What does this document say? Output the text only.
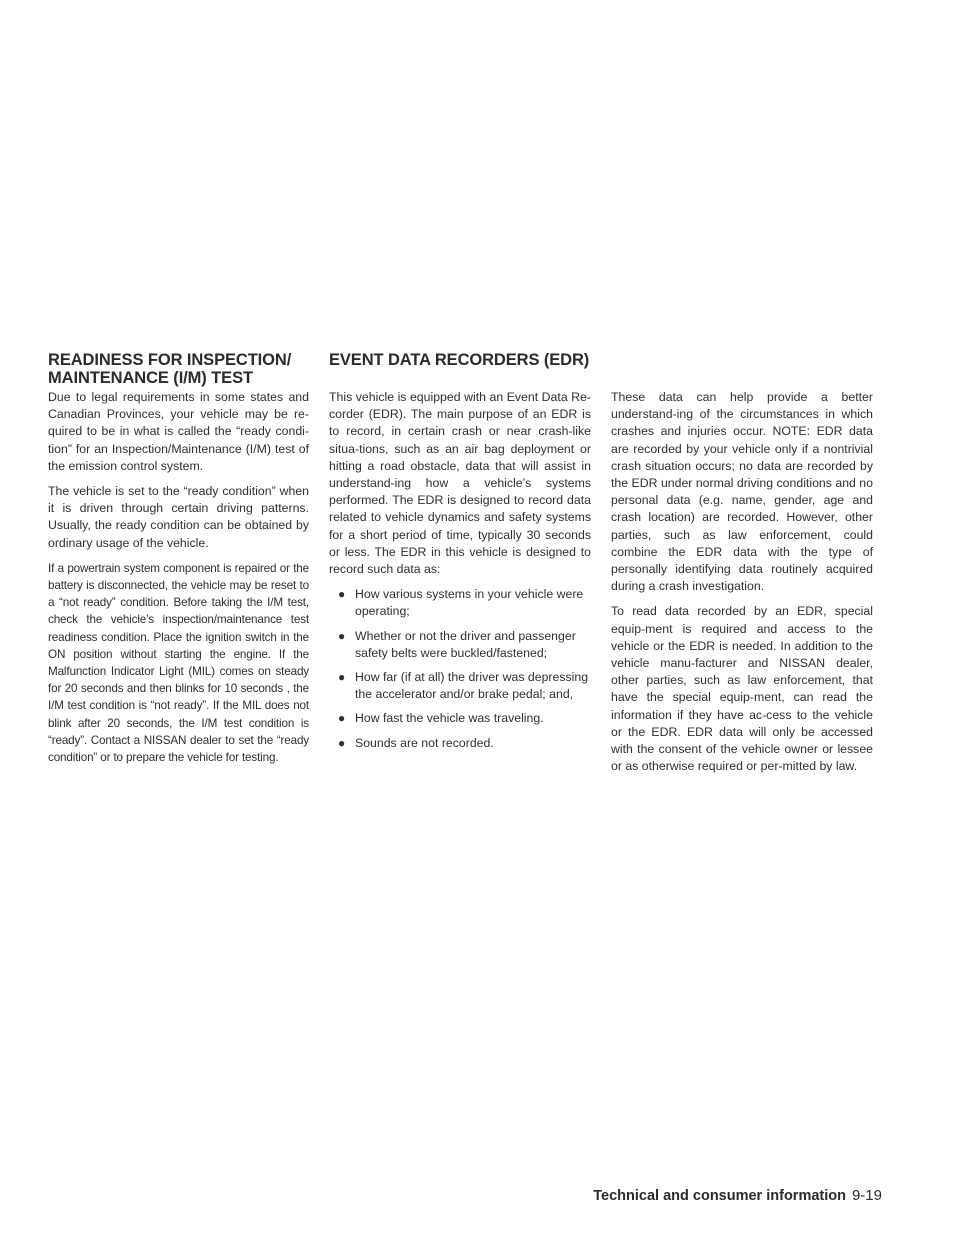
READINESS FOR INSPECTION/
MAINTENANCE (I/M) TEST
EVENT DATA RECORDERS (EDR)

Due to legal requirements in some states and Canadian Provinces, your vehicle may be re-quired to be in what is called the “ready condi-tion” for an Inspection/Maintenance (I/M) test of the emission control system.

The vehicle is set to the “ready condition” when it is driven through certain driving patterns. Usually, the ready condition can be obtained by ordinary usage of the vehicle.

If a powertrain system component is repaired or the battery is disconnected, the vehicle may be reset to a “not ready” condition. Before taking the I/M test, check the vehicle’s inspection/maintenance test readiness condition. Place the ignition switch in the ON position without starting the engine. If the Malfunction Indicator Light (MIL) comes on steady for 20 seconds and then blinks for 10 seconds , the I/M test condition is “not ready”. If the MIL does not blink after 20 seconds, the I/M test condition is “ready”. Contact a NISSAN dealer to set the “ready condition” or to prepare the vehicle for testing.

This vehicle is equipped with an Event Data Re-corder (EDR). The main purpose of an EDR is to record, in certain crash or near crash-like situa-tions, such as an air bag deployment or hitting a road obstacle, data that will assist in understand-ing how a vehicle’s systems performed. The EDR is designed to record data related to vehicle dynamics and safety systems for a short period of time, typically 30 seconds or less. The EDR in this vehicle is designed to record such data as:

● How various systems in your vehicle were operating;
● Whether or not the driver and passenger safety belts were buckled/fastened;
● How far (if at all) the driver was depressing the accelerator and/or brake pedal; and,
● How fast the vehicle was traveling.
● Sounds are not recorded.

These data can help provide a better understand-ing of the circumstances in which crashes and injuries occur. NOTE: EDR data are recorded by your vehicle only if a nontrivial crash situation occurs; no data are recorded by the EDR under normal driving conditions and no personal data (e.g. name, gender, age and crash location) are recorded. However, other parties, such as law enforcement, could combine the EDR data with the type of personally identifying data routinely acquired during a crash investigation.

To read data recorded by an EDR, special equip-ment is required and access to the vehicle or the EDR is needed. In addition to the vehicle manu-facturer and NISSAN dealer, other parties, such as law enforcement, that have the special equip-ment, can read the information if they have ac-cess to the vehicle or the EDR. EDR data will only be accessed with the consent of the vehicle owner or lessee or as otherwise required or per-mitted by law.

Technical and consumer information 9-19
